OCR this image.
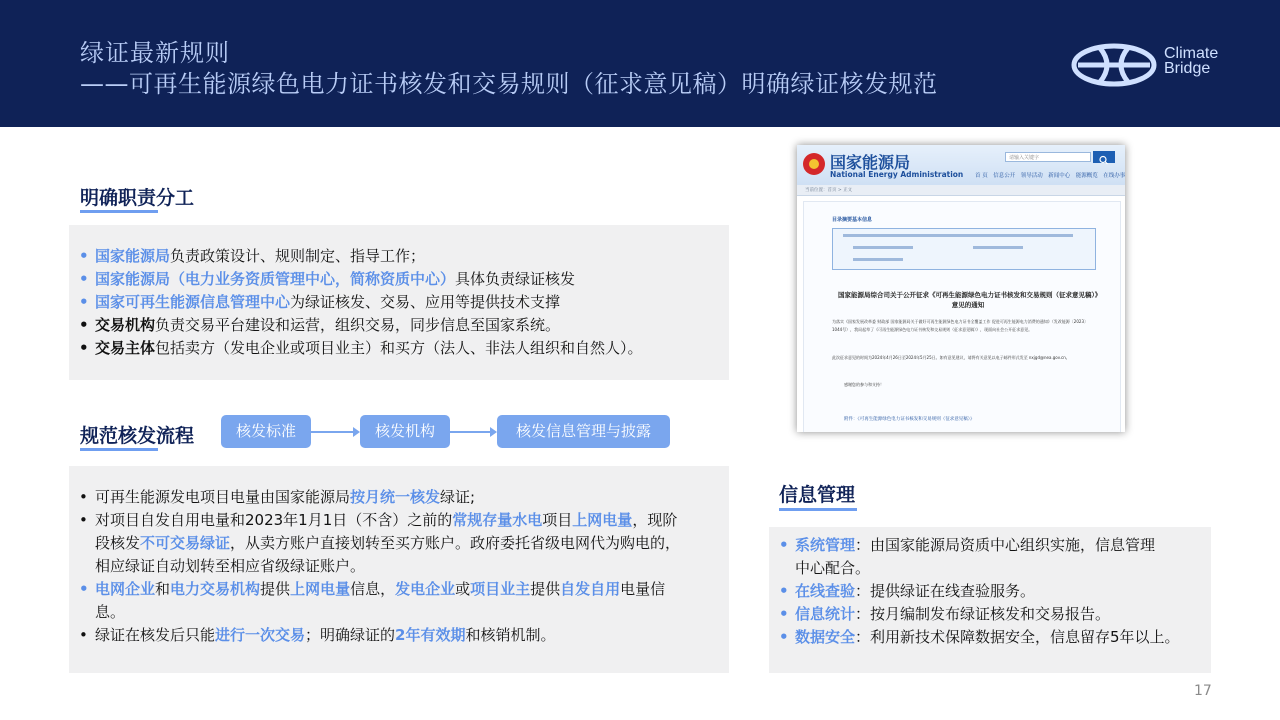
绿证最新规则
——可再生能源绿色电力证书核发和交易规则（征求意见稿）明确绿证核发规范
Climate
Bridge
明确职责分工
• 国家能源局负责政策设计、规则制定、指导工作；
• 国家能源局（电力业务资质管理中心，简称资质中心）具体负责绿证核发
• 国家可再生能源信息管理中心为绿证核发、交易、应用等提供技术支撑
• 交易机构负责交易平台建设和运营，组织交易，同步信息至国家系统。
• 交易主体包括卖方（发电企业或项目业主）和买方（法人、非法人组织和自然人）。
规范核发流程	核发标准	核发机构	核发信息管理与披露
• 可再生能源发电项目电量由国家能源局按月统一核发绿证;
• 对项目自发自用电量和2023年1月1日（不含）之前的常规存量水电项目上网电量，现阶
段核发不可交易绿证，从卖方账户直接划转至买方账户。政府委托省级电网代为购电的，
相应绿证自动划转至相应省级绿证账户。
• 电网企业和电力交易机构提供上网电量信息，发电企业或项目业主提供自发自用电量信
息。
• 绿证在核发后只能进行一次交易；明确绿证的2年有效期和核销机制。
国家能源局
National Energy Administration
请输入关键字
首 页　信息公开　领导活动　新闻中心　能源概览　在线办事
当前位置：首页 > 正文
目录摘要基本信息
国家能源局综合司关于公开征求《可再生能源绿色电力证书核发和交易规则（征求意见稿）》意见的通知
为落实《国家发展改革委 财政部 国家能源局关于做好可再生能源绿色电力证书全覆盖工作 促进可再生能源电力消费的通知》（发改能源〔2023〕1044号），我局起草了《可再生能源绿色电力证书核发和交易规则（征求意见稿）》，现面向社会公开征求意见。
此次征求意见的时间为2024年4月26日至2024年5月25日。如有意见建议，请将有关意见以电子邮件形式发至 nxjgd@nea.gov.cn。
感谢您的参与和支持！
附件：《可再生能源绿色电力证书核发和交易规则（征求意见稿）》
信息管理
• 系统管理：由国家能源局资质中心组织实施，信息管理
中心配合。
• 在线查验：提供绿证在线查验服务。
• 信息统计：按月编制发布绿证核发和交易报告。
• 数据安全：利用新技术保障数据安全，信息留存5年以上。
17
